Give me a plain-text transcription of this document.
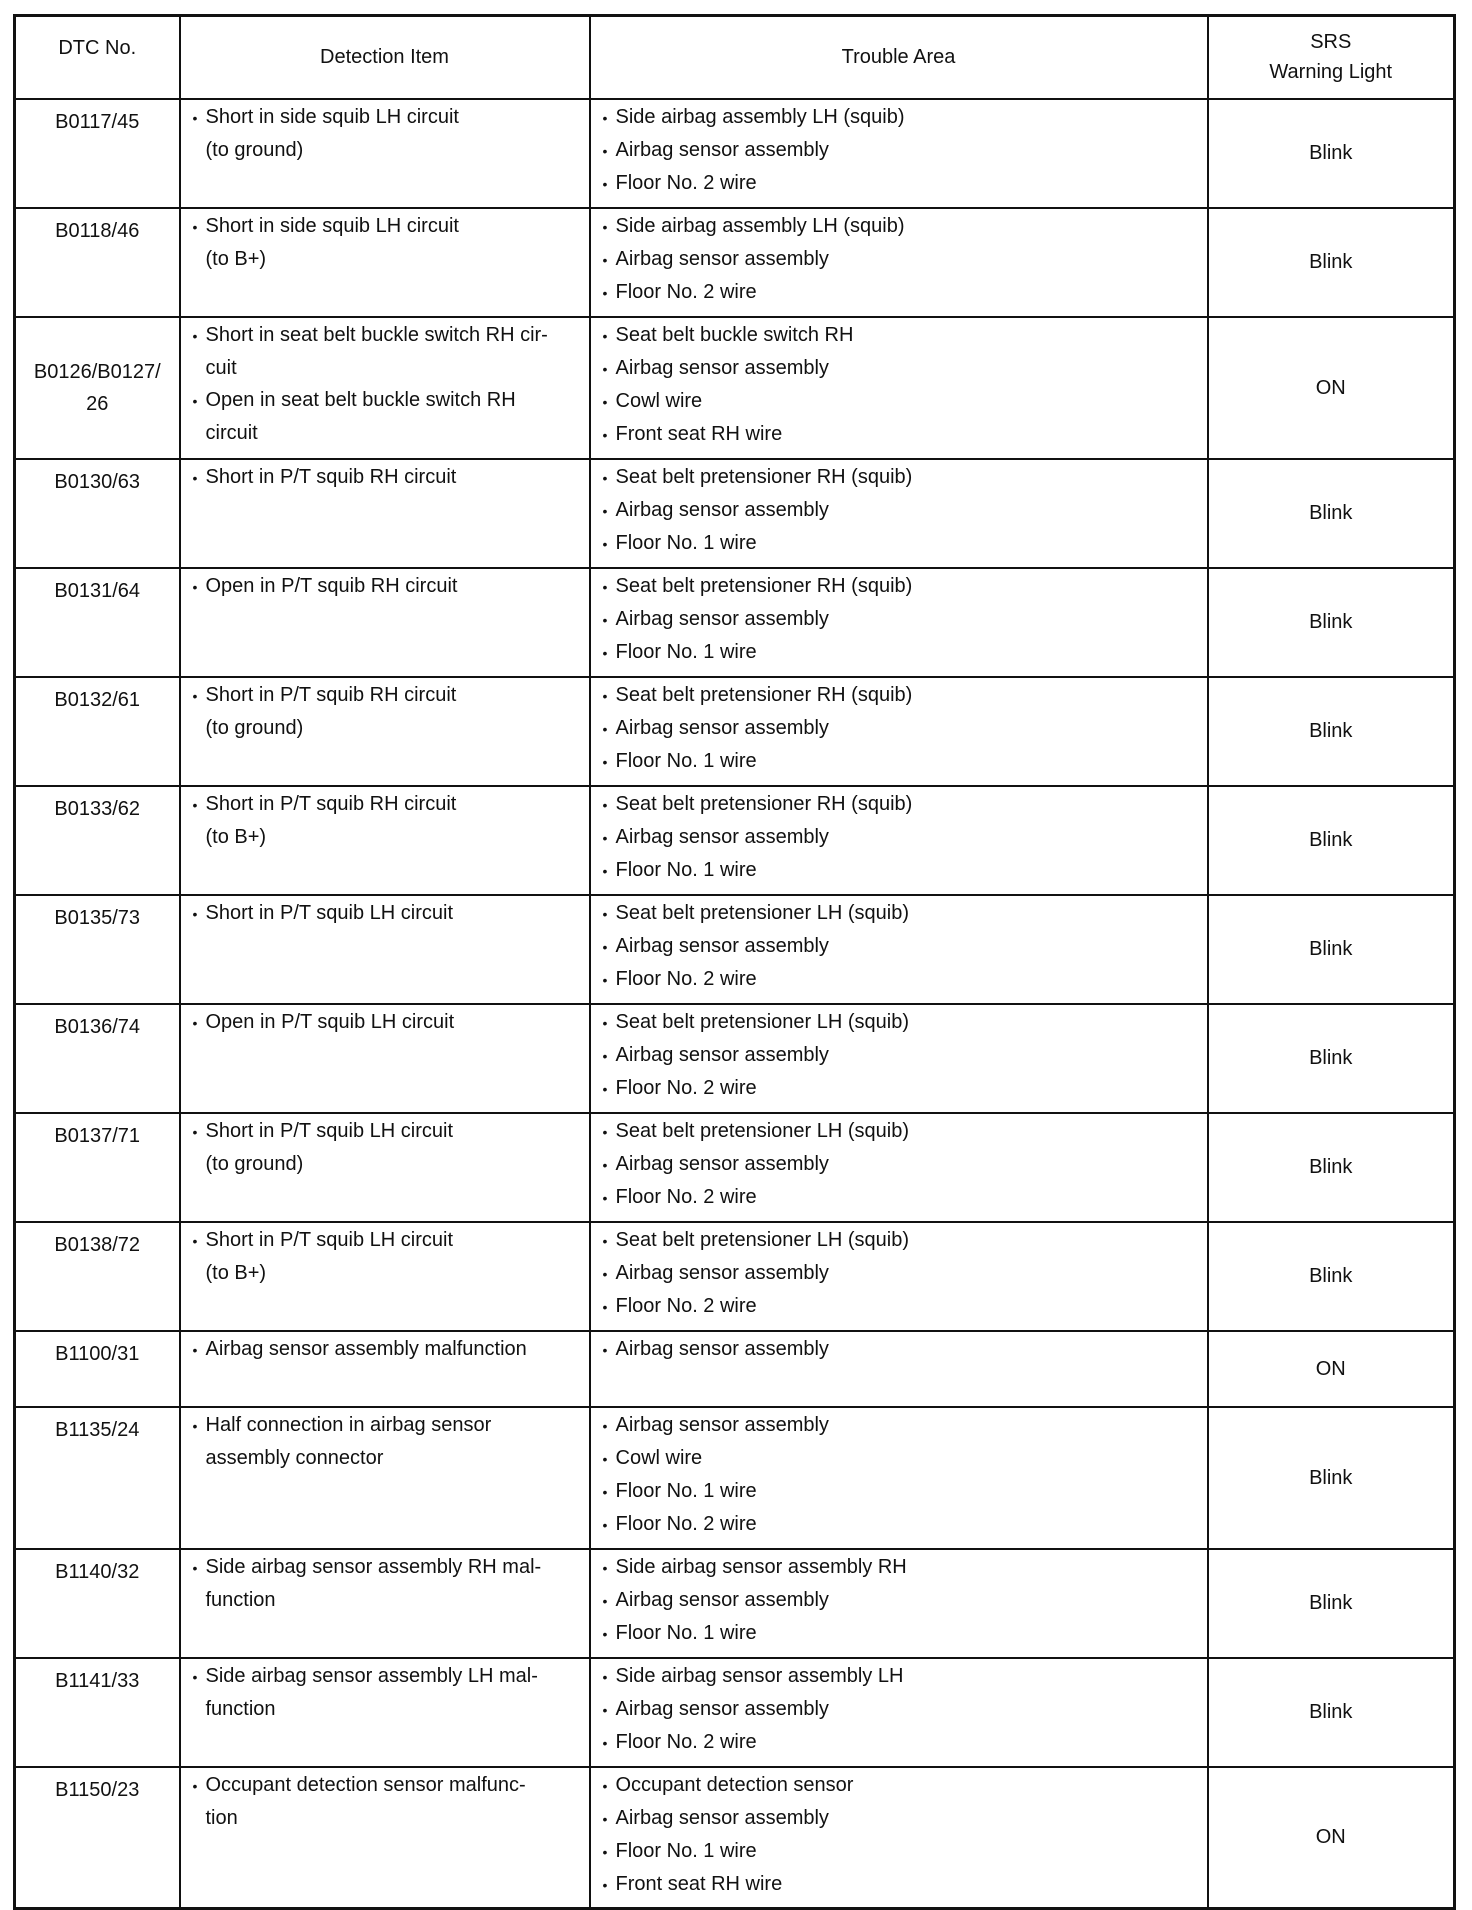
DTC No.	Detection Item	Trouble Area	SRS
Warning Light

B0117/45	• Short in side squib LH circuit
(to ground)	• Side airbag assembly LH (squib)
• Airbag sensor assembly
• Floor No. 2 wire	Blink

B0118/46	• Short in side squib LH circuit
(to B+)	• Side airbag assembly LH (squib)
• Airbag sensor assembly
• Floor No. 2 wire	Blink

B0126/B0127/
26	• Short in seat belt buckle switch RH cir-
cuit
• Open in seat belt buckle switch RH
circuit	• Seat belt buckle switch RH
• Airbag sensor assembly
• Cowl wire
• Front seat RH wire	ON

B0130/63	• Short in P/T squib RH circuit	• Seat belt pretensioner RH (squib)
• Airbag sensor assembly
• Floor No. 1 wire	Blink

B0131/64	• Open in P/T squib RH circuit	• Seat belt pretensioner RH (squib)
• Airbag sensor assembly
• Floor No. 1 wire	Blink

B0132/61	• Short in P/T squib RH circuit
(to ground)	• Seat belt pretensioner RH (squib)
• Airbag sensor assembly
• Floor No. 1 wire	Blink

B0133/62	• Short in P/T squib RH circuit
(to B+)	• Seat belt pretensioner RH (squib)
• Airbag sensor assembly
• Floor No. 1 wire	Blink

B0135/73	• Short in P/T squib LH circuit	• Seat belt pretensioner LH (squib)
• Airbag sensor assembly
• Floor No. 2 wire	Blink

B0136/74	• Open in P/T squib LH circuit	• Seat belt pretensioner LH (squib)
• Airbag sensor assembly
• Floor No. 2 wire	Blink

B0137/71	• Short in P/T squib LH circuit
(to ground)	• Seat belt pretensioner LH (squib)
• Airbag sensor assembly
• Floor No. 2 wire	Blink

B0138/72	• Short in P/T squib LH circuit
(to B+)	• Seat belt pretensioner LH (squib)
• Airbag sensor assembly
• Floor No. 2 wire	Blink

B1100/31	• Airbag sensor assembly malfunction	• Airbag sensor assembly	ON

B1135/24	• Half connection in airbag sensor
assembly connector	• Airbag sensor assembly
• Cowl wire
• Floor No. 1 wire
• Floor No. 2 wire	Blink

B1140/32	• Side airbag sensor assembly RH mal-
function	• Side airbag sensor assembly RH
• Airbag sensor assembly
• Floor No. 1 wire	Blink

B1141/33	• Side airbag sensor assembly LH mal-
function	• Side airbag sensor assembly LH
• Airbag sensor assembly
• Floor No. 2 wire	Blink

B1150/23	• Occupant detection sensor malfunc-
tion	• Occupant detection sensor
• Airbag sensor assembly
• Floor No. 1 wire
• Front seat RH wire	ON
